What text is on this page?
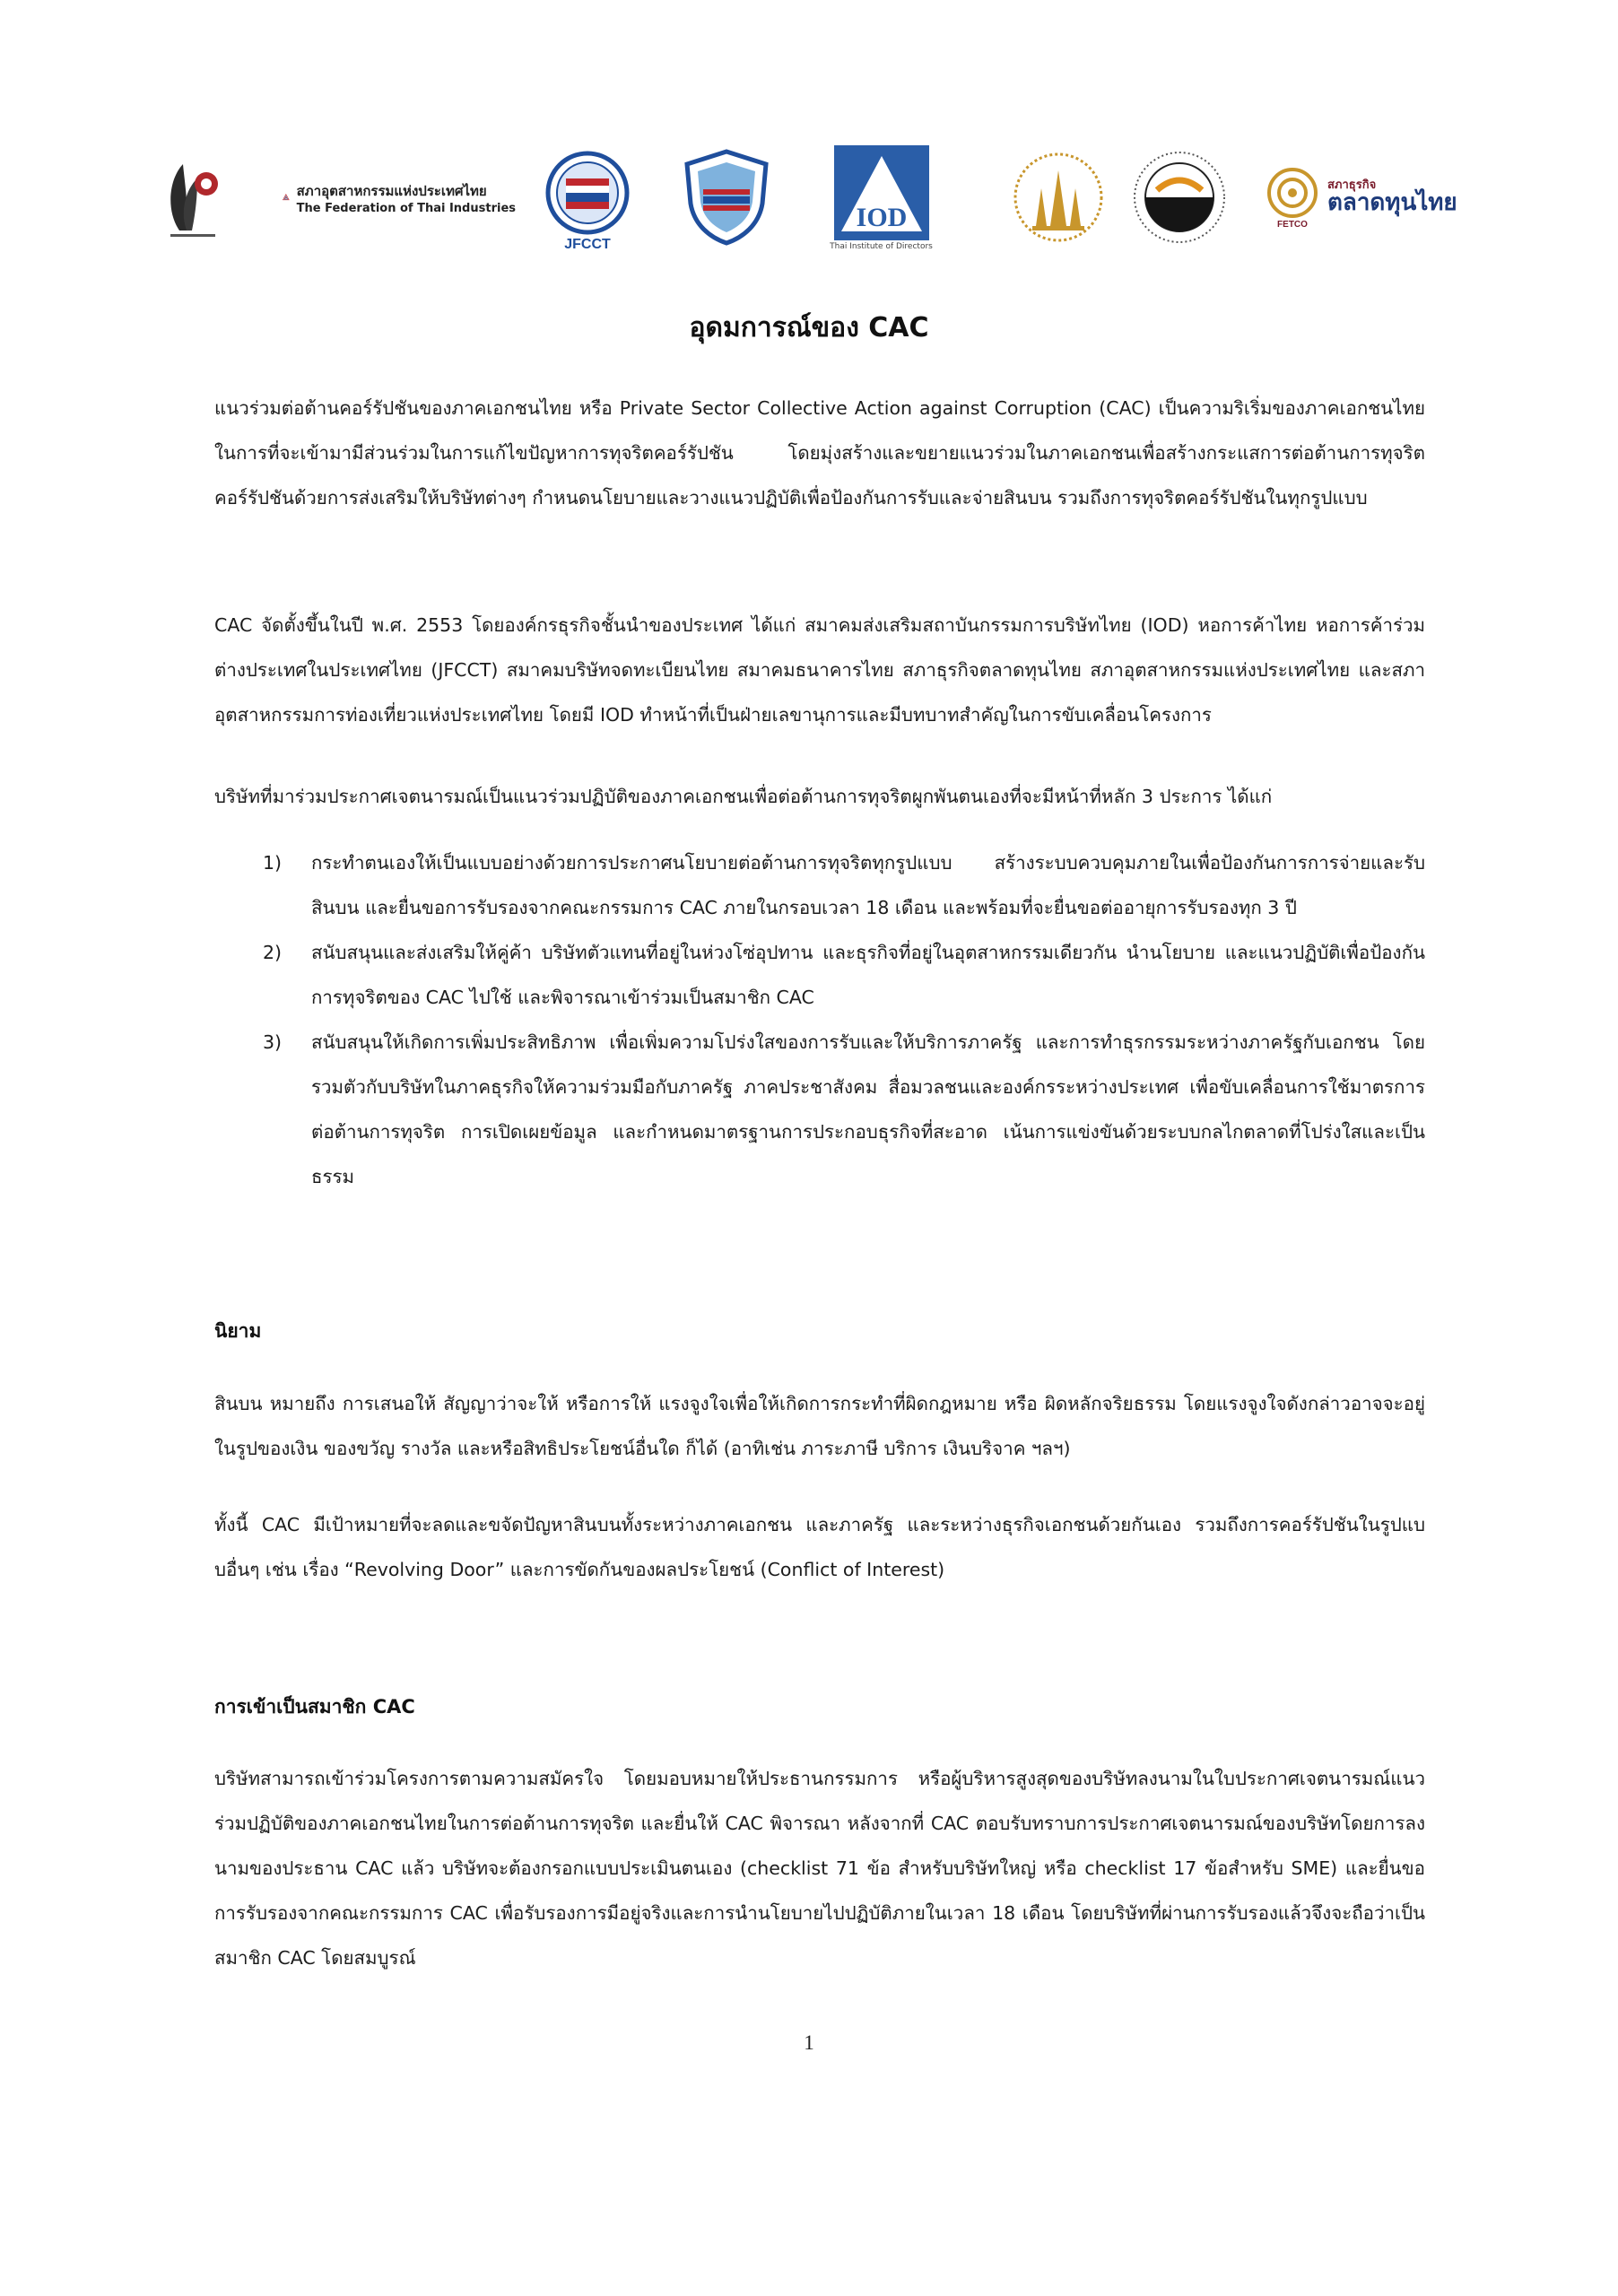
สภาอุตสาหกรรมแห่งประเทศไทย
The Federation of Thai Industries
JFCCT
IOD
Thai Institute of Directors
FETCO
สภาธุรกิจ
ตลาดทุนไทย
อุดมการณ์ของ CAC

แนวร่วมต่อต้านคอร์รัปชันของภาคเอกชนไทย หรือ Private Sector Collective Action against Corruption (CAC) เป็นความริเริ่มของภาคเอกชนไทยในการที่จะเข้ามามีส่วนร่วมในการแก้ไขปัญหาการทุจริตคอร์รัปชัน โดยมุ่งสร้างและขยายแนวร่วมในภาคเอกชนเพื่อสร้างกระแสการต่อต้านการทุจริตคอร์รัปชันด้วยการส่งเสริมให้บริษัทต่างๆ กำหนดนโยบายและวางแนวปฏิบัติเพื่อป้องกันการรับและจ่ายสินบน รวมถึงการทุจริตคอร์รัปชันในทุกรูปแบบ

CAC จัดตั้งขึ้นในปี พ.ศ. 2553 โดยองค์กรธุรกิจชั้นนำของประเทศ ได้แก่ สมาคมส่งเสริมสถาบันกรรมการบริษัทไทย (IOD) หอการค้าไทย หอการค้าร่วมต่างประเทศในประเทศไทย (JFCCT) สมาคมบริษัทจดทะเบียนไทย สมาคมธนาคารไทย สภาธุรกิจตลาดทุนไทย สภาอุตสาหกรรมแห่งประเทศไทย และสภาอุตสาหกรรมการท่องเที่ยวแห่งประเทศไทย โดยมี IOD ทำหน้าที่เป็นฝ่ายเลขานุการและมีบทบาทสำคัญในการขับเคลื่อนโครงการ

บริษัทที่มาร่วมประกาศเจตนารมณ์เป็นแนวร่วมปฏิบัติของภาคเอกชนเพื่อต่อต้านการทุจริตผูกพันตนเองที่จะมีหน้าที่หลัก 3 ประการ ได้แก่

1) กระทำตนเองให้เป็นแบบอย่างด้วยการประกาศนโยบายต่อต้านการทุจริตทุกรูปแบบ สร้างระบบควบคุมภายในเพื่อป้องกันการการจ่ายและรับสินบน และยื่นขอการรับรองจากคณะกรรมการ CAC ภายในกรอบเวลา 18 เดือน และพร้อมที่จะยื่นขอต่ออายุการรับรองทุก 3 ปี
2) สนับสนุนและส่งเสริมให้คู่ค้า บริษัทตัวแทนที่อยู่ในห่วงโซ่อุปทาน และธุรกิจที่อยู่ในอุตสาหกรรมเดียวกัน นำนโยบาย และแนวปฏิบัติเพื่อป้องกันการทุจริตของ CAC ไปใช้ และพิจารณาเข้าร่วมเป็นสมาชิก CAC
3) สนับสนุนให้เกิดการเพิ่มประสิทธิภาพ เพื่อเพิ่มความโปร่งใสของการรับและให้บริการภาครัฐ และการทำธุรกรรมระหว่างภาครัฐกับเอกชน โดยรวมตัวกับบริษัทในภาคธุรกิจให้ความร่วมมือกับภาครัฐ ภาคประชาสังคม สื่อมวลชนและองค์กรระหว่างประเทศ เพื่อขับเคลื่อนการใช้มาตรการต่อต้านการทุจริต การเปิดเผยข้อมูล และกำหนดมาตรฐานการประกอบธุรกิจที่สะอาด เน้นการแข่งขันด้วยระบบกลไกตลาดที่โปร่งใสและเป็นธรรม
นิยาม

สินบน หมายถึง การเสนอให้ สัญญาว่าจะให้ หรือการให้ แรงจูงใจเพื่อให้เกิดการกระทำที่ผิดกฎหมาย หรือ ผิดหลักจริยธรรม โดยแรงจูงใจดังกล่าวอาจจะอยู่ในรูปของเงิน ของขวัญ รางวัล และหรือสิทธิประโยชน์อื่นใด ก็ได้ (อาทิเช่น ภาระภาษี บริการ เงินบริจาค ฯลฯ)

ทั้งนี้ CAC มีเป้าหมายที่จะลดและขจัดปัญหาสินบนทั้งระหว่างภาคเอกชน และภาครัฐ และระหว่างธุรกิจเอกชนด้วยกันเอง รวมถึงการคอร์รัปชันในรูปแบบอื่นๆ เช่น เรื่อง “Revolving Door” และการขัดกันของผลประโยชน์ (Conflict of Interest)

การเข้าเป็นสมาชิก CAC

บริษัทสามารถเข้าร่วมโครงการตามความสมัครใจ โดยมอบหมายให้ประธานกรรมการ หรือผู้บริหารสูงสุดของบริษัทลงนามในใบประกาศเจตนารมณ์แนวร่วมปฏิบัติของภาคเอกชนไทยในการต่อต้านการทุจริต และยื่นให้ CAC พิจารณา หลังจากที่ CAC ตอบรับทราบการประกาศเจตนารมณ์ของบริษัทโดยการลงนามของประธาน CAC แล้ว บริษัทจะต้องกรอกแบบประเมินตนเอง (checklist 71 ข้อ สำหรับบริษัทใหญ่ หรือ checklist 17 ข้อสำหรับ SME) และยื่นขอการรับรองจากคณะกรรมการ CAC เพื่อรับรองการมีอยู่จริงและการนำนโยบายไปปฏิบัติภายในเวลา 18 เดือน โดยบริษัทที่ผ่านการรับรองแล้วจึงจะถือว่าเป็นสมาชิก CAC โดยสมบูรณ์

1
